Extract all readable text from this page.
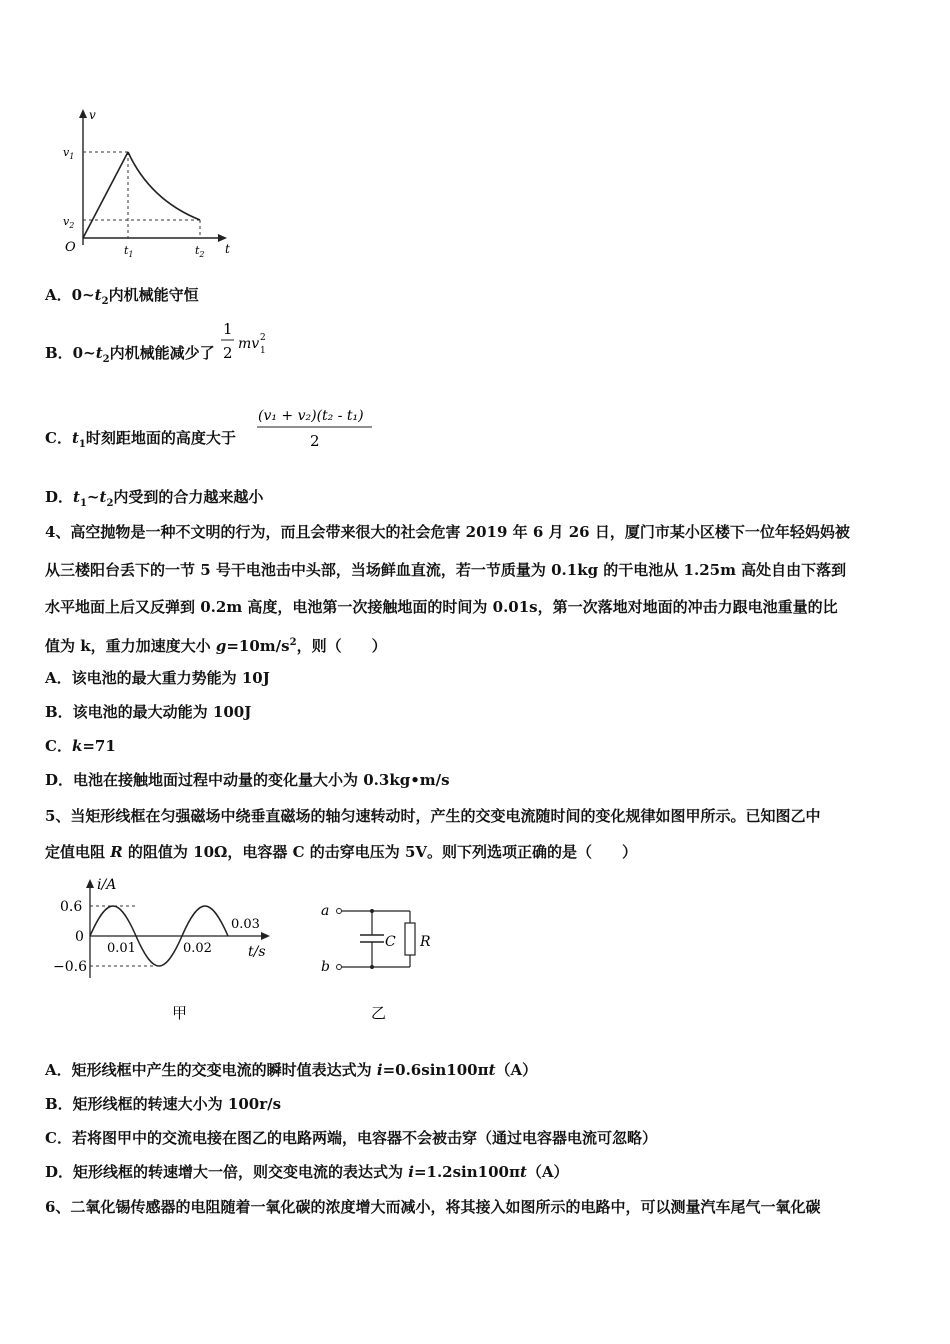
v
t
O
$v_1$
$v_2$
$t_1$	$t_2$
A．$0\sim t_2$内机械能守恒
B．$0\sim t_2$内机械能减少了
1
2 mv 1
2
C．$t_1$时刻距地面的高度大于
(v₁ + v₂)(t₂ - t₁)
2
D．$t_1\sim t_2$内受到的合力越来越小
4、高空抛物是一种不文明的行为，而且会带来很大的社会危害 2019 年 6 月 26 日，厦门市某小区楼下一位年轻妈妈被
从三楼阳台丢下的一节 5 号干电池击中头部，当场鲜血直流，若一节质量为 0.1kg 的干电池从 1.25m 高处自由下落到
水平地面上后又反弹到 0.2m 高度，电池第一次接触地面的时间为 0.01s，第一次落地对地面的冲击力跟电池重量的比
值为 k，重力加速度大小 $g=10m/s^2$，则（　　）
A．该电池的最大重力势能为 10J
B．该电池的最大动能为 100J
C．k=71
D．电池在接触地面过程中动量的变化量大小为 0.3kg•m/s
5、当矩形线框在匀强磁场中绕垂直磁场的轴匀速转动时，产生的交变电流随时间的变化规律如图甲所示。已知图乙中
定值电阻 R 的阻值为 10Ω，电容器 C 的击穿电压为 5V。则下列选项正确的是（　　）
i/A
0.6
0
−0.6
0.01	0.02
0.03
t/s
甲
a
b
C R
乙
A．矩形线框中产生的交变电流的瞬时值表达式为 i=0.6sin100πt（A）
B．矩形线框的转速大小为 100r/s
C．若将图甲中的交流电接在图乙的电路两端，电容器不会被击穿（通过电容器电流可忽略）
D．矩形线框的转速增大一倍，则交变电流的表达式为 i=1.2sin100πt（A）
6、二氧化锡传感器的电阻随着一氧化碳的浓度增大而减小，将其接入如图所示的电路中，可以测量汽车尾气一氧化碳
